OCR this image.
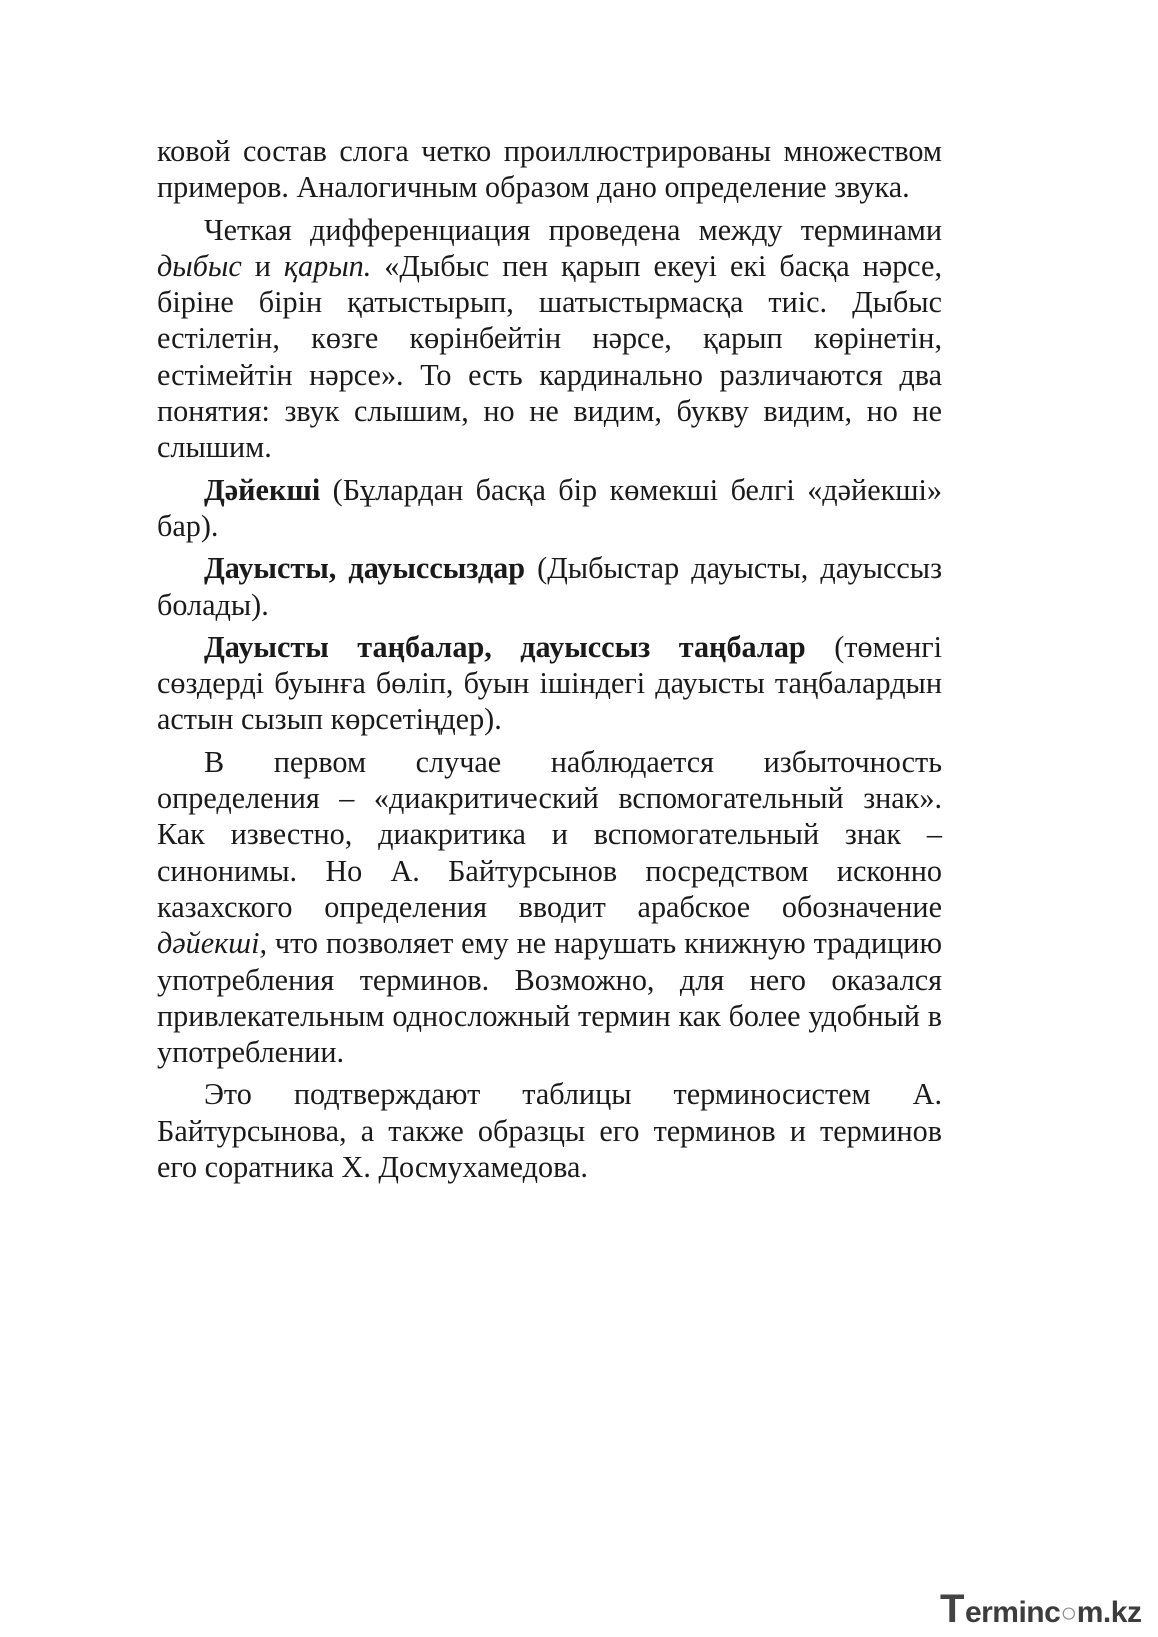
ковой состав слога четко проиллюстрированы множеством примеров. Аналогичным образом дано определение звука.

Четкая дифференциация проведена между терминами дыбыс и қарып. «Дыбыс пен қарып екеуі екі басқа нәрсе, біріне бірін қатыстырып, шатыстырмасқа тиіс. Дыбыс естілетін, көзге көрінбейтін нәрсе, қарып көрінетін, естімейтін нәрсе». То есть кардинально различаются два понятия: звук слышим, но не видим, букву видим, но не слышим.

Дәйекші (Бұлардан басқа бір көмекші белгі «дәйекші» бар).

Дауысты, дауыссыздар (Дыбыстар дауысты, дауыссыз болады).

Дауысты таңбалар, дауыссыз таңбалар (төменгі сөздерді буынға бөліп, буын ішіндегі дауысты таңбалардын астын сызып көрсетіңдер).

В первом случае наблюдается избыточность определения – «диакритический вспомогательный знак». Как известно, диакритика и вспомогательный знак – синонимы. Но А. Байтурсынов посредством исконно казахского определения вводит арабское обозначение дәйекші, что позволяет ему не нарушать книжную традицию употребления терминов. Возможно, для него оказался привлекательным односложный термин как более удобный в употреблении.

Это подтверждают таблицы терминосистем А. Байтурсынова, а также образцы его терминов и терминов его соратника Х. Досмухамедова.

T erminc ○ m.kz
